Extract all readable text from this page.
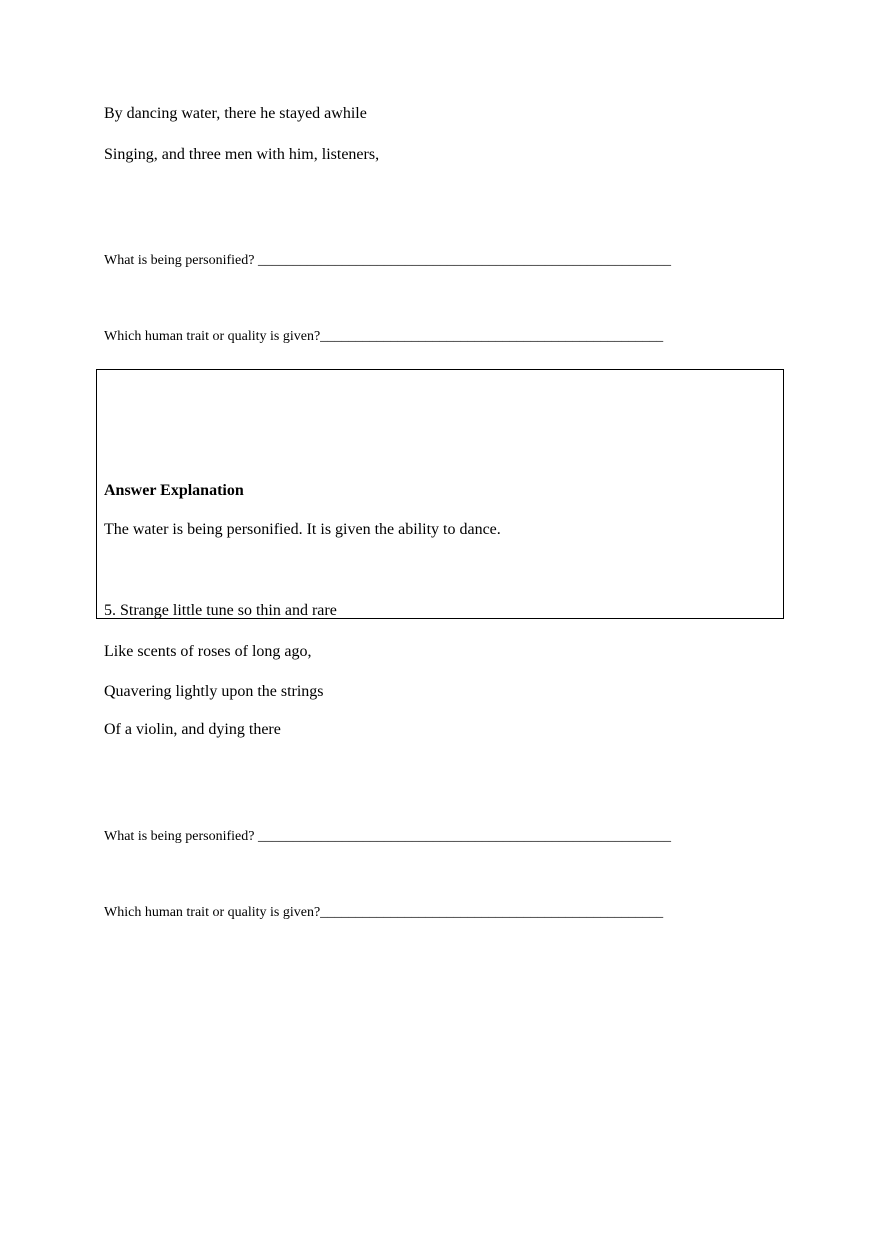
By dancing water, there he stayed awhile

Singing, and three men with him, listeners,

What is being personified? ___________________________________________________________

Which human trait or quality is given?_________________________________________________

Answer Explanation

The water is being personified. It is given the ability to dance.

5. Strange little tune so thin and rare

Like scents of roses of long ago,

Quavering lightly upon the strings

Of a violin, and dying there

What is being personified? ___________________________________________________________

Which human trait or quality is given?_________________________________________________
